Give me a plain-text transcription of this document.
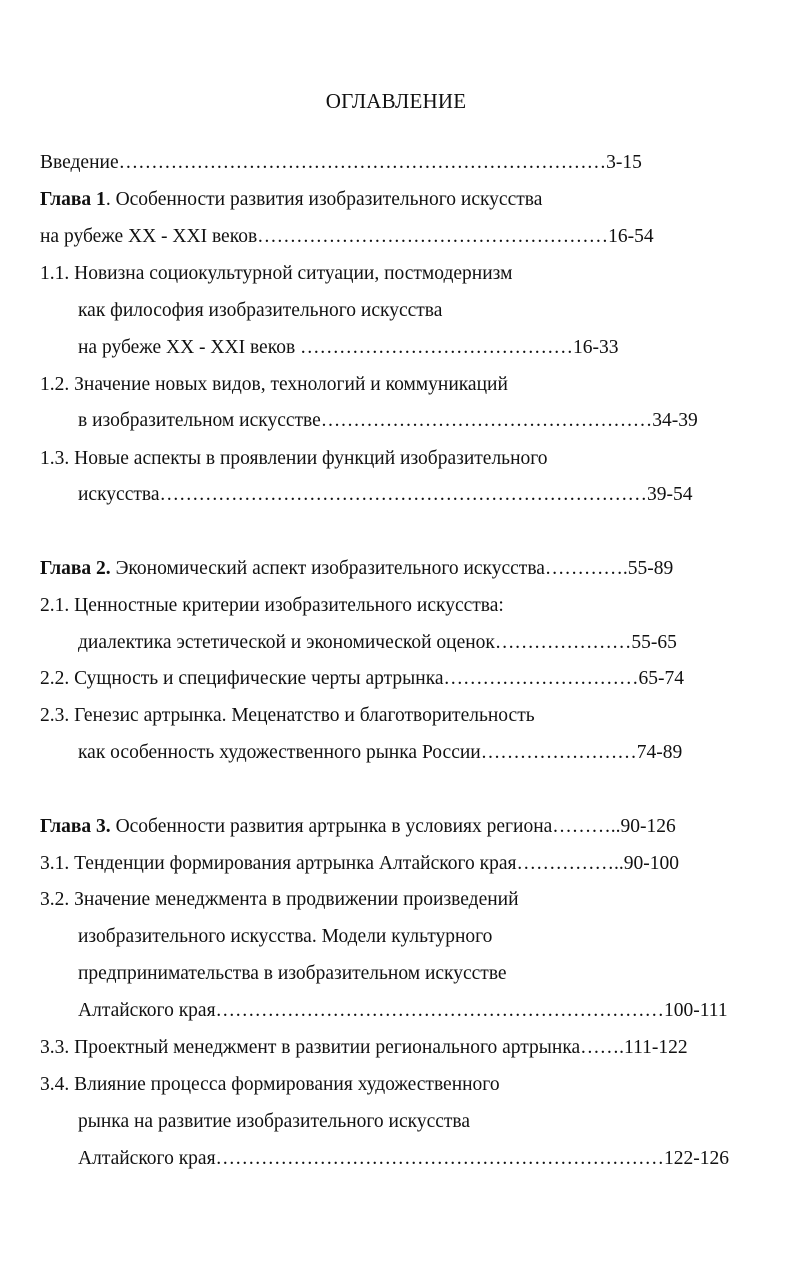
ОГЛАВЛЕНИЕ
Введение…………………………………………………………………3-15
Глава 1. Особенности развития изобразительного искусства
на рубеже XX - XXI веков………………………………………………16-54
1.1. Новизна социокультурной ситуации, постмодернизм
как философия изобразительного искусства
на рубеже XX - XXI веков ……………………………………16-33
1.2. Значение новых видов, технологий и коммуникаций
в изобразительном искусстве……………………………………………34-39
1.3. Новые аспекты в проявлении функций изобразительного
искусства…………………………………………………………………39-54
Глава 2. Экономический аспект изобразительного искусства………….55-89
2.1. Ценностные критерии изобразительного искусства:
диалектика эстетической и экономической оценок…………………55-65
2.2. Сущность и специфические черты артрынка…………………………65-74
2.3. Генезис артрынка. Меценатство и благотворительность
как особенность художественного рынка России……………………74-89
Глава 3. Особенности развития артрынка в условиях региона………..90-126
3.1. Тенденции формирования артрынка Алтайского края……………..90-100
3.2. Значение менеджмента в продвижении произведений
изобразительного искусства. Модели культурного
предпринимательства в изобразительном искусстве
Алтайского края……………………………………………………………100-111
3.3. Проектный менеджмент в развитии регионального артрынка…….111-122
3.4. Влияние процесса формирования художественного
рынка на развитие изобразительного искусства
Алтайского края……………………………………………………………122-126
